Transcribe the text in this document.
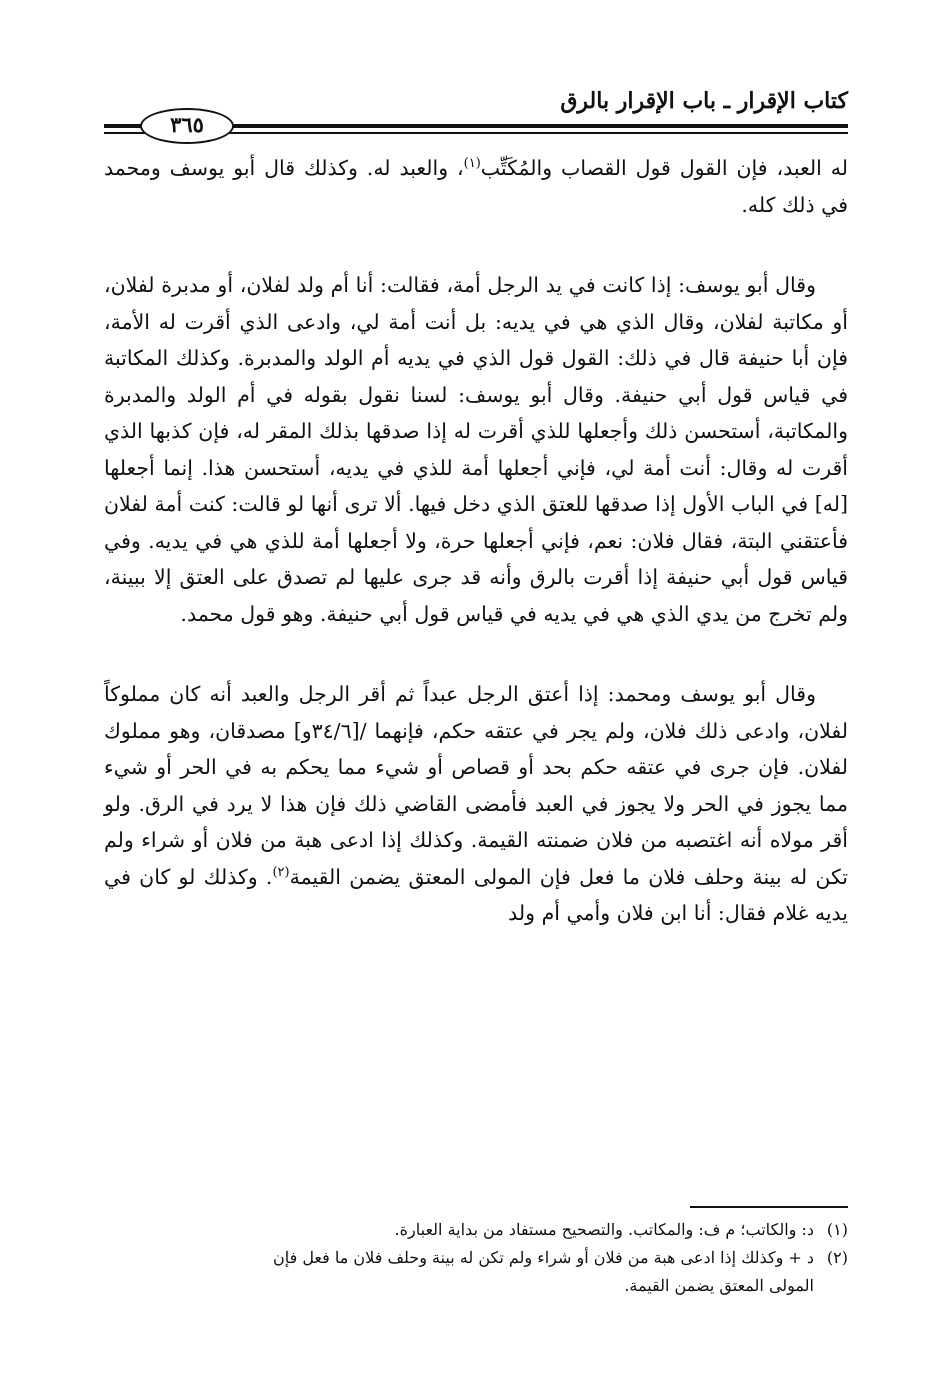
كتاب الإقرار ـ باب الإقرار بالرق
٣٦٥

له العبد، فإن القول قول القصاب والمُكَتِّب$^{(١)}$، والعبد له. وكذلك قال أبو يوسف ومحمد في ذلك كله.

وقال أبو يوسف: إذا كانت في يد الرجل أمة، فقالت: أنا أم ولد لفلان، أو مدبرة لفلان، أو مكاتبة لفلان، وقال الذي هي في يديه: بل أنت أمة لي، وادعى الذي أقرت له الأمة، فإن أبا حنيفة قال في ذلك: القول قول الذي في يديه أم الولد والمدبرة. وكذلك المكاتبة في قياس قول أبي حنيفة. وقال أبو يوسف: لسنا نقول بقوله في أم الولد والمدبرة والمكاتبة، أستحسن ذلك وأجعلها للذي أقرت له إذا صدقها بذلك المقر له، فإن كذبها الذي أقرت له وقال: أنت أمة لي، فإني أجعلها أمة للذي في يديه، أستحسن هذا. إنما أجعلها [له] في الباب الأول إذا صدقها للعتق الذي دخل فيها. ألا ترى أنها لو قالت: كنت أمة لفلان فأعتقني البتة، فقال فلان: نعم، فإني أجعلها حرة، ولا أجعلها أمة للذي هي في يديه. وفي قياس قول أبي حنيفة إذا أقرت بالرق وأنه قد جرى عليها لم تصدق على العتق إلا ببينة، ولم تخرج من يدي الذي هي في يديه في قياس قول أبي حنيفة. وهو قول محمد.

وقال أبو يوسف ومحمد: إذا أعتق الرجل عبداً ثم أقر الرجل والعبد أنه كان مملوكاً لفلان، وادعى ذلك فلان، ولم يجر في عتقه حكم، فإنهما /[٣٤/٦و] مصدقان، وهو مملوك لفلان. فإن جرى في عتقه حكم بحد أو قصاص أو شيء مما يحكم به في الحر أو شيء مما يجوز في الحر ولا يجوز في العبد فأمضى القاضي ذلك فإن هذا لا يرد في الرق. ولو أقر مولاه أنه اغتصبه من فلان ضمنته القيمة. وكذلك إذا ادعى هبة من فلان أو شراء ولم تكن له بينة وحلف فلان ما فعل فإن المولى المعتق يضمن القيمة$^{(٢)}$. وكذلك لو كان في يديه غلام فقال: أنا ابن فلان وأمي أم ولد

(١)د: والكاتب؛ م ف: والمكاتب. والتصحيح مستفاد من بداية العبارة.

(٢)د + وكذلك إذا ادعى هبة من فلان أو شراء ولم تكن له بينة وحلف فلان ما فعل فإن

المولى المعتق يضمن القيمة.
